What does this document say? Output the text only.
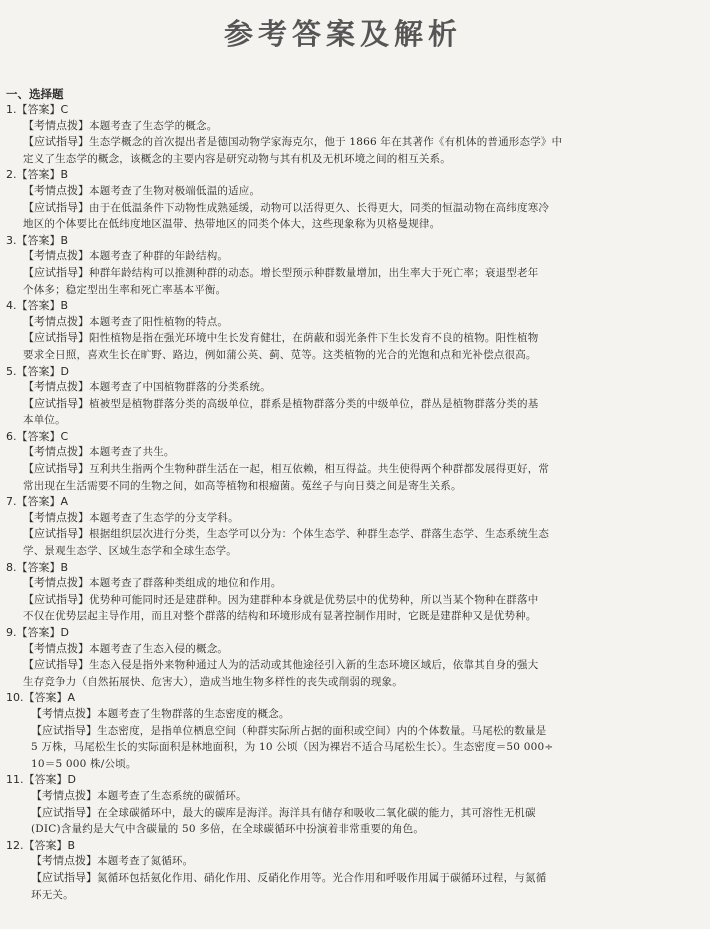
参考答案及解析
一、选择题
1.【答案】C
【考情点拨】本题考查了生态学的概念。
【应试指导】生态学概念的首次提出者是德国动物学家海克尔，他于 1866 年在其著作《有机体的普通形态学》中
定义了生态学的概念，该概念的主要内容是研究动物与其有机及无机环境之间的相互关系。
2.【答案】B
【考情点拨】本题考查了生物对极端低温的适应。
【应试指导】由于在低温条件下动物性成熟延缓，动物可以活得更久、长得更大，同类的恒温动物在高纬度寒冷
地区的个体要比在低纬度地区温带、热带地区的同类个体大，这些现象称为贝格曼规律。
3.【答案】B
【考情点拨】本题考查了种群的年龄结构。
【应试指导】种群年龄结构可以推测种群的动态。增长型预示种群数量增加，出生率大于死亡率；衰退型老年
个体多；稳定型出生率和死亡率基本平衡。
4.【答案】B
【考情点拨】本题考查了阳性植物的特点。
【应试指导】阳性植物是指在强光环境中生长发育健壮，在荫蔽和弱光条件下生长发育不良的植物。阳性植物
要求全日照，喜欢生长在旷野、路边，例如蒲公英、蓟、苋等。这类植物的光合的光饱和点和光补偿点很高。
5.【答案】D
【考情点拨】本题考查了中国植物群落的分类系统。
【应试指导】植被型是植物群落分类的高级单位，群系是植物群落分类的中级单位，群丛是植物群落分类的基
本单位。
6.【答案】C
【考情点拨】本题考查了共生。
【应试指导】互利共生指两个生物种群生活在一起，相互依赖，相互得益。共生使得两个种群都发展得更好，常
常出现在生活需要不同的生物之间，如高等植物和根瘤菌。菟丝子与向日葵之间是寄生关系。
7.【答案】A
【考情点拨】本题考查了生态学的分支学科。
【应试指导】根据组织层次进行分类，生态学可以分为：个体生态学、种群生态学、群落生态学、生态系统生态
学、景观生态学、区域生态学和全球生态学。
8.【答案】B
【考情点拨】本题考查了群落种类组成的地位和作用。
【应试指导】优势种可能同时还是建群种。因为建群种本身就是优势层中的优势种，所以当某个物种在群落中
不仅在优势层起主导作用，而且对整个群落的结构和环境形成有显著控制作用时，它既是建群种又是优势种。
9.【答案】D
【考情点拨】本题考查了生态入侵的概念。
【应试指导】生态入侵是指外来物种通过人为的活动或其他途径引入新的生态环境区域后，依靠其自身的强大
生存竞争力（自然拓展快、危害大），造成当地生物多样性的丧失或削弱的现象。
10.【答案】A
【考情点拨】本题考查了生物群落的生态密度的概念。
【应试指导】生态密度，是指单位栖息空间（种群实际所占据的面积或空间）内的个体数量。马尾松的数量是
5 万株，马尾松生长的实际面积是林地面积，为 10 公顷（因为裸岩不适合马尾松生长）。生态密度＝50 000÷
10＝5 000 株/公顷。
11.【答案】D
【考情点拨】本题考查了生态系统的碳循环。
【应试指导】在全球碳循环中，最大的碳库是海洋。海洋具有储存和吸收二氧化碳的能力，其可溶性无机碳
(DIC)含量约是大气中含碳量的 50 多倍，在全球碳循环中扮演着非常重要的角色。
12.【答案】B
【考情点拨】本题考查了氮循环。
【应试指导】氮循环包括氨化作用、硝化作用、反硝化作用等。光合作用和呼吸作用属于碳循环过程，与氮循
环无关。
